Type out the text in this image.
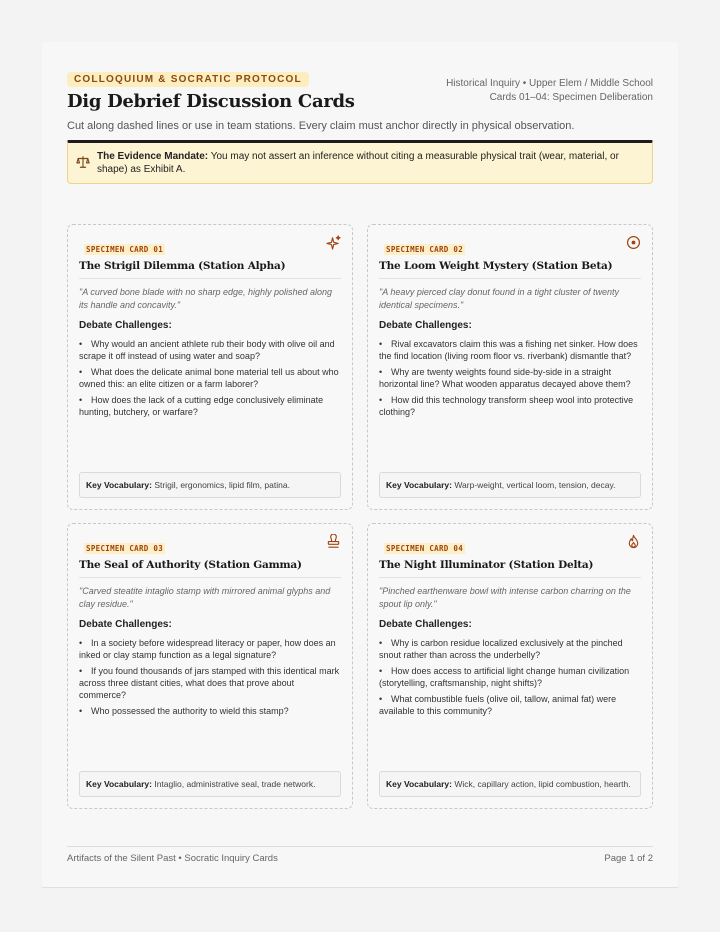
COLLOQUIUM & SOCRATIC PROTOCOL
Dig Debrief Discussion Cards
Historical Inquiry • Upper Elem / Middle School
Cards 01–04: Specimen Deliberation
Cut along dashed lines or use in team stations. Every claim must anchor directly in physical observation.
The Evidence Mandate: You may not assert an inference without citing a measurable physical trait (wear, material, or shape) as Exhibit A.
SPECIMEN CARD 01
The Strigil Dilemma (Station Alpha)
"A curved bone blade with no sharp edge, highly polished along its handle and concavity."
Debate Challenges:
• Why would an ancient athlete rub their body with olive oil and scrape it off instead of using water and soap?
• What does the delicate animal bone material tell us about who owned this: an elite citizen or a farm laborer?
• How does the lack of a cutting edge conclusively eliminate hunting, butchery, or warfare?
Key Vocabulary: Strigil, ergonomics, lipid film, patina.
SPECIMEN CARD 02
The Loom Weight Mystery (Station Beta)
"A heavy pierced clay donut found in a tight cluster of twenty identical specimens."
Debate Challenges:
• Rival excavators claim this was a fishing net sinker. How does the find location (living room floor vs. riverbank) dismantle that?
• Why are twenty weights found side-by-side in a straight horizontal line? What wooden apparatus decayed above them?
• How did this technology transform sheep wool into protective clothing?
Key Vocabulary: Warp-weight, vertical loom, tension, decay.
SPECIMEN CARD 03
The Seal of Authority (Station Gamma)
"Carved steatite intaglio stamp with mirrored animal glyphs and clay residue."
Debate Challenges:
• In a society before widespread literacy or paper, how does an inked or clay stamp function as a legal signature?
• If you found thousands of jars stamped with this identical mark across three distant cities, what does that prove about commerce?
• Who possessed the authority to wield this stamp?
Key Vocabulary: Intaglio, administrative seal, trade network.
SPECIMEN CARD 04
The Night Illuminator (Station Delta)
"Pinched earthenware bowl with intense carbon charring on the spout lip only."
Debate Challenges:
• Why is carbon residue localized exclusively at the pinched snout rather than across the underbelly?
• How does access to artificial light change human civilization (storytelling, craftsmanship, night shifts)?
• What combustible fuels (olive oil, tallow, animal fat) were available to this community?
Key Vocabulary: Wick, capillary action, lipid combustion, hearth.
Artifacts of the Silent Past • Socratic Inquiry Cards	Page 1 of 2
